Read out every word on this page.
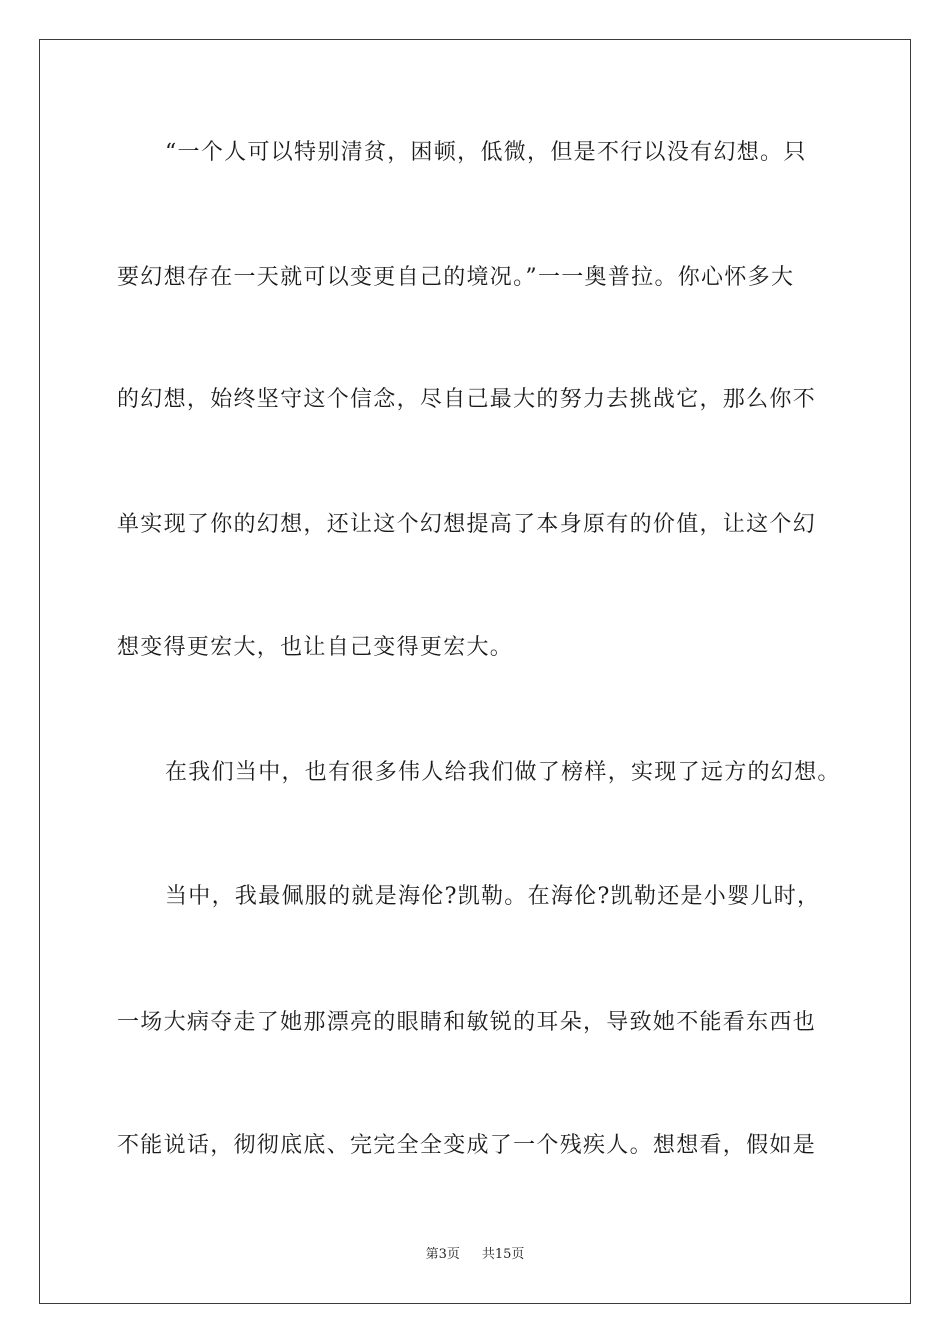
“一个人可以特别清贫，困顿，低微，但是不行以没有幻想。只
要幻想存在一天就可以变更自己的境况。”一一奥普拉。你心怀多大
的幻想，始终坚守这个信念，尽自己最大的努力去挑战它，那么你不
单实现了你的幻想，还让这个幻想提高了本身原有的价值，让这个幻
想变得更宏大，也让自己变得更宏大。
在我们当中，也有很多伟人给我们做了榜样，实现了远方的幻想。
当中，我最佩服的就是海伦?凯勒。在海伦?凯勒还是小婴儿时，
一场大病夺走了她那漂亮的眼睛和敏锐的耳朵，导致她不能看东西也
不能说话，彻彻底底、完完全全变成了一个残疾人。想想看，假如是
第3页 共15页
